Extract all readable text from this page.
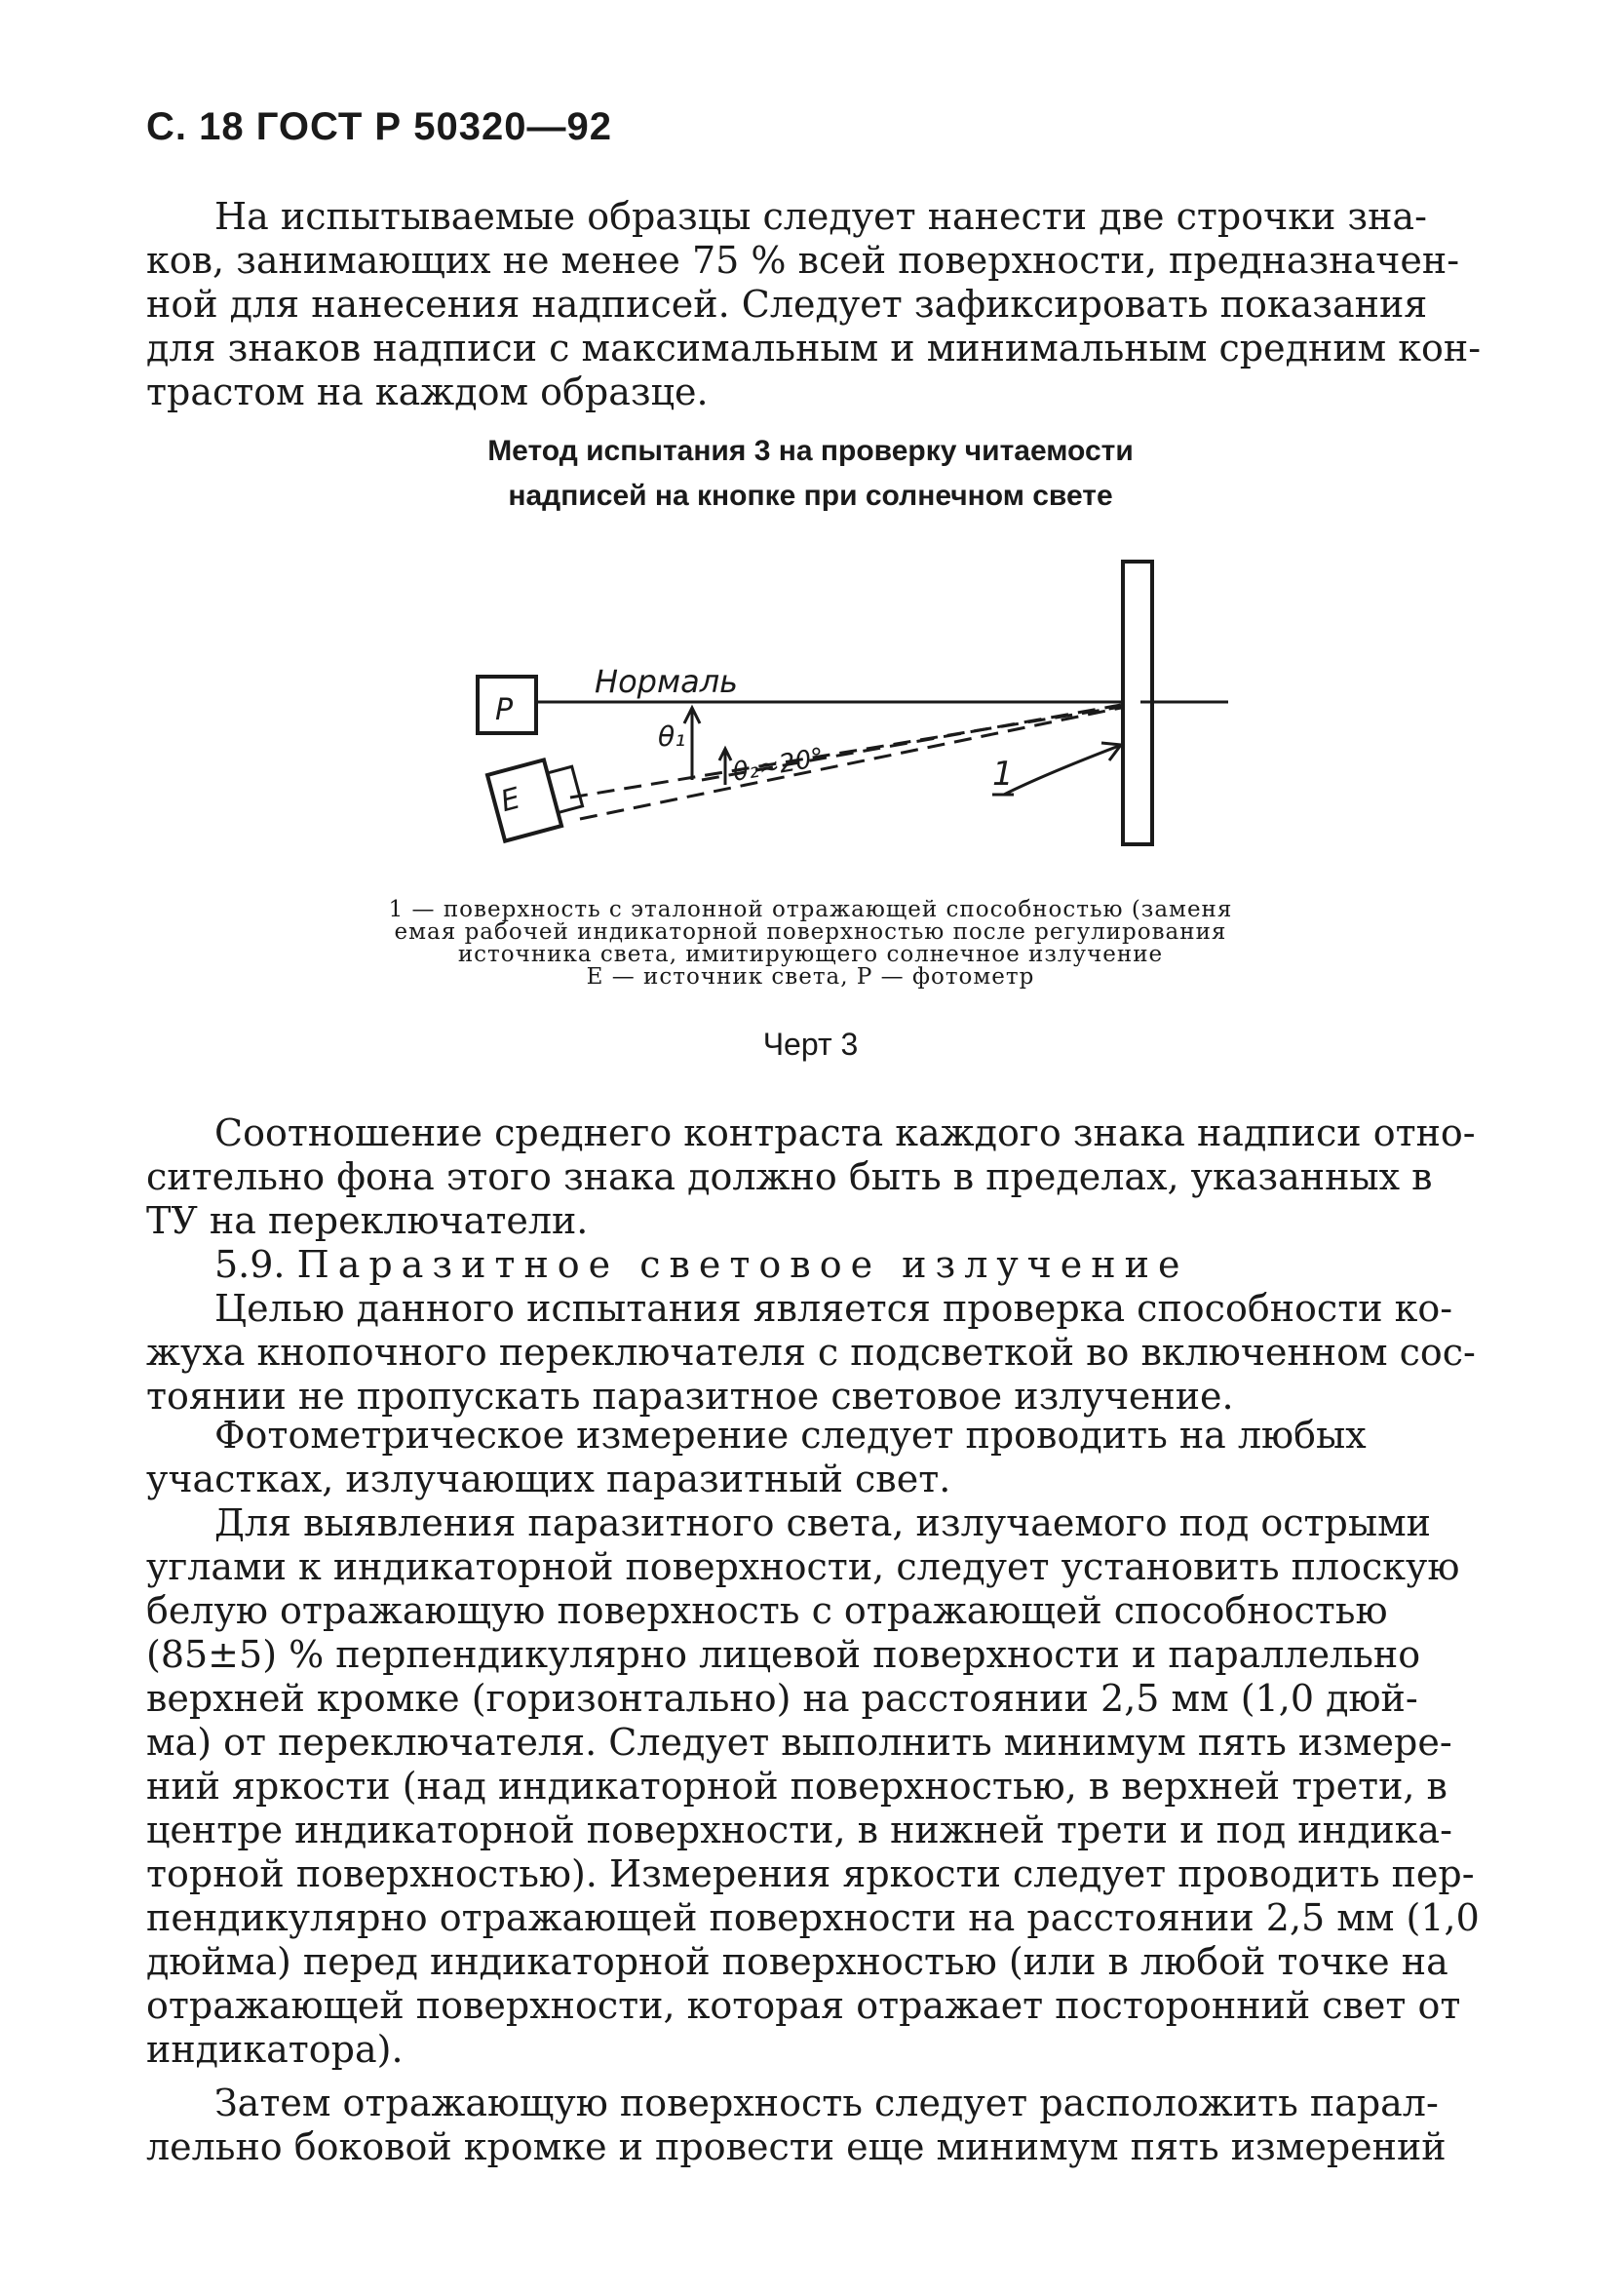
С. 18 ГОСТ Р 50320—92
На испытываемые образцы следует нанести две строчки зна-
ков, занимающих не менее 75 % всей поверхности, предназначен-
ной для нанесения надписей. Следует зафиксировать показания
для знаков надписи с максимальным и минимальным средним кон-
трастом на каждом образце.
Метод испытания 3 на проверку читаемости
надписей на кнопке при солнечном свете
P
E
Нормаль
θ₁
θ₂≈20°	1
1 — поверхность с эталонной отражающей способностью (заменя
емая рабочей индикаторной поверхностью после регулирования
источника света, имитирующего солнечное излучение
Е — источник света, Р — фотометр
Черт 3
Соотношение среднего контраста каждого знака надписи отно-
сительно фона этого знака должно быть в пределах, указанных в
ТУ на переключатели.
5.9. Паразитное световое излучение
Целью данного испытания является проверка способности ко-
жуха кнопочного переключателя с подсветкой во включенном сос-
тоянии не пропускать паразитное световое излучение.
Фотометрическое измерение следует проводить на любых
участках, излучающих паразитный свет.
Для выявления паразитного света, излучаемого под острыми
углами к индикаторной поверхности, следует установить плоскую
белую отражающую поверхность с отражающей способностью
(85±5) % перпендикулярно лицевой поверхности и параллельно
верхней кромке (горизонтально) на расстоянии 2,5 мм (1,0 дюй-
ма) от переключателя. Следует выполнить минимум пять измере-
ний яркости (над индикаторной поверхностью, в верхней трети, в
центре индикаторной поверхности, в нижней трети и под индика-
торной поверхностью). Измерения яркости следует проводить пер-
пендикулярно отражающей поверхности на расстоянии 2,5 мм (1,0
дюйма) перед индикаторной поверхностью (или в любой точке на
отражающей поверхности, которая отражает посторонний свет от
индикатора).
Затем отражающую поверхность следует расположить парал-
лельно боковой кромке и провести еще минимум пять измерений
